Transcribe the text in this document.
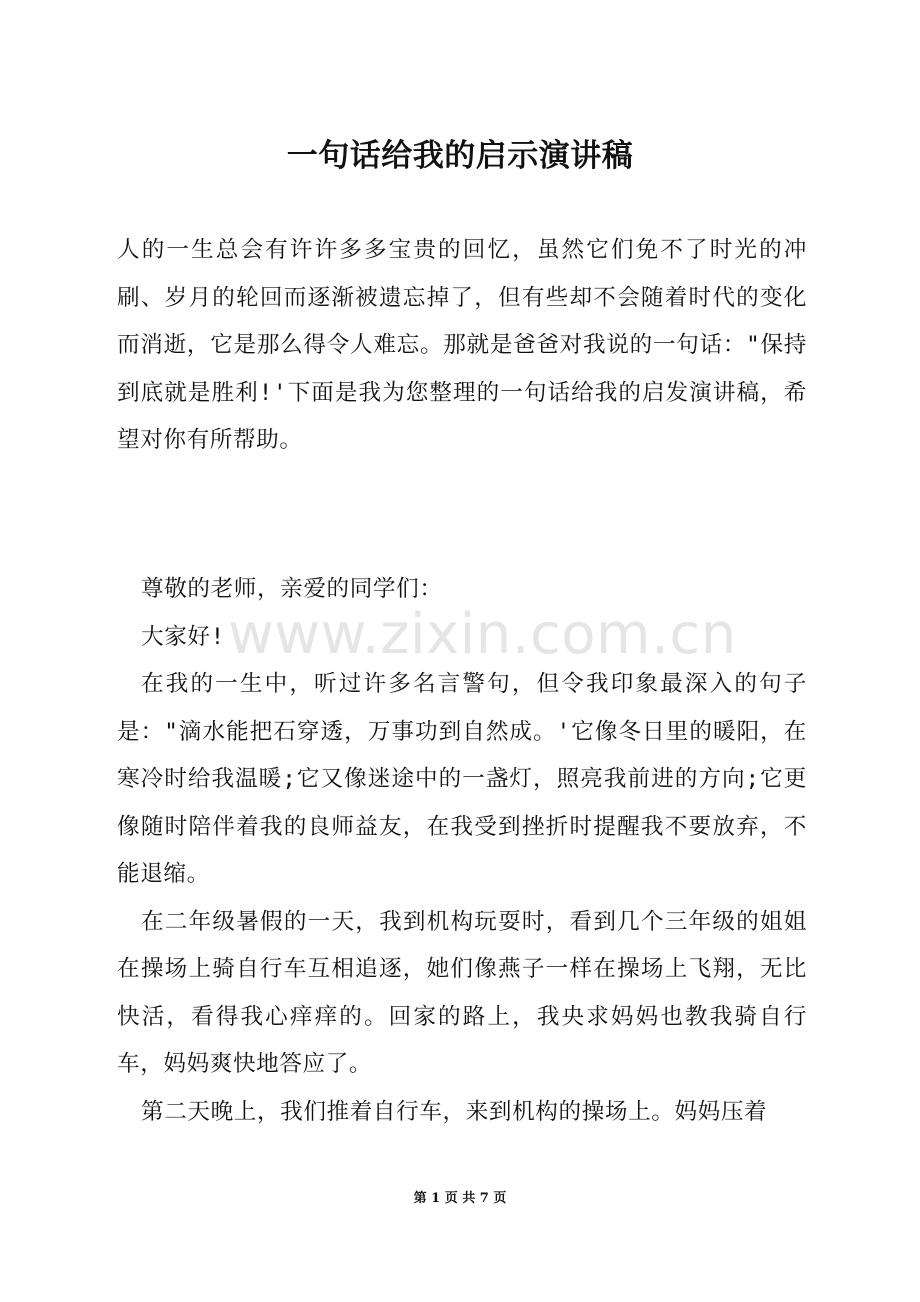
一句话给我的启示演讲稿

人的一生总会有许许多多宝贵的回忆，虽然它们免不了时光的冲刷、岁月的轮回而逐渐被遗忘掉了，但有些却不会随着时代的变化而消逝，它是那么得令人难忘。那就是爸爸对我说的一句话："保持到底就是胜利!'下面是我为您整理的一句话给我的启发演讲稿，希望对你有所帮助。

尊敬的老师，亲爱的同学们：

大家好!

在我的一生中，听过许多名言警句，但令我印象最深入的句子是："滴水能把石穿透，万事功到自然成。'它像冬日里的暖阳，在寒冷时给我温暖;它又像迷途中的一盏灯，照亮我前进的方向;它更像随时陪伴着我的良师益友，在我受到挫折时提醒我不要放弃，不能退缩。

在二年级暑假的一天，我到机构玩耍时，看到几个三年级的姐姐在操场上骑自行车互相追逐，她们像燕子一样在操场上飞翔，无比快活，看得我心痒痒的。回家的路上，我央求妈妈也教我骑自行车，妈妈爽快地答应了。

第二天晚上，我们推着自行车，来到机构的操场上。妈妈压着

www.zixin.com.cn
第 1 页 共 7 页
